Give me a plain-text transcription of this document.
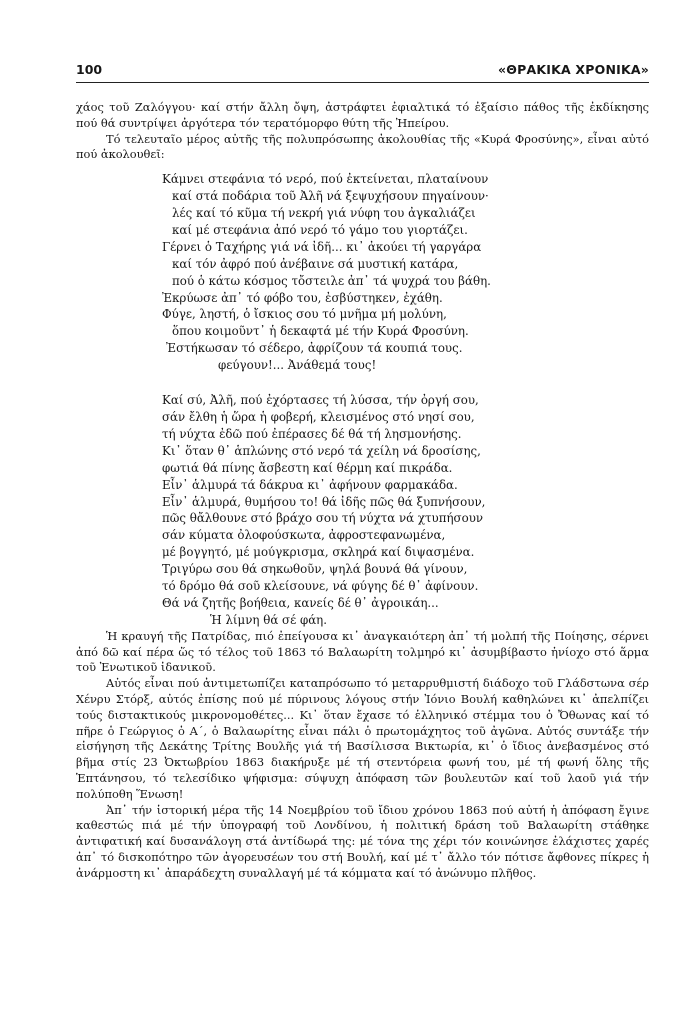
100	«ΘΡΑΚΙΚΑ ΧΡΟΝΙΚΑ»

χάος τοῦ Ζαλόγγου· καί στήν ἄλλη ὄψη, ἀστράφτει ἐφιαλτικά τό ἐξαίσιο πάθος τῆς ἐκδίκησης πού θά συντρίψει ἀργότερα τόν τερατόμορφο θύτη τῆς Ἠπείρου.

Τό τελευταῖο μέρος αὐτῆς τῆς πολυπρόσωπης ἀκολουθίας τῆς «Κυρά Φροσύνης», εἶναι αὐτό πού ἀκολουθεῖ:

Κάμνει στεφάνια τό νερό, πού ἐκτείνεται, πλαταίνουν
καί στά ποδάρια τοῦ Ἀλῆ νά ξεψυχήσουν πηγαίνουν·
λές καί τό κῦμα τή νεκρή γιά νύφη του ἀγκαλιάζει
καί μέ στεφάνια ἀπό νερό τό γάμο του γιορτάζει.
Γέρνει ὁ Ταχήρης γιά νά ἰδῆ... κι᾽ ἀκούει τή γαργάρα
καί τόν ἀφρό πού ἀνέβαινε σά μυστική κατάρα,
πού ὁ κάτω κόσμος τὄστειλε ἀπ᾽ τά ψυχρά του βάθη.
Ἐκρύωσε ἀπ᾽ τό φόβο του, ἐσβύστηκεν, ἐχάθη.
Φύγε, ληστή, ὁ ἴσκιος σου τό μνῆμα μή μολύνη,
ὅπου κοιμοῦντ᾽ ἡ δεκαφτά μέ τήν Κυρά Φροσύνη.
Ἐστήκωσαν τό σέδερο, ἀφρίζουν τά κουπιά τους.
φεύγουν!... Ἀνάθεμά τους!
Καί σύ, Ἀλῆ, πού ἐχόρτασες τή λύσσα, τήν ὀργή σου,
σάν ἔλθη ἡ ὥρα ἡ φοβερή, κλεισμένος στό νησί σου,
τή νύχτα ἐδῶ πού ἐπέρασες δέ θά τή λησμονήσης.
Κι᾽ ὅταν θ᾽ ἁπλώνης στό νερό τά χείλη νά δροσίσης,
φωτιά θά πίνης ἄσβεστη καί θέρμη καί πικράδα.
Εἶν᾽ ἁλμυρά τά δάκρυα κι᾽ ἀφήνουν φαρμακάδα.
Εἶν᾽ ἁλμυρά, θυμήσου το! θά ἰδῆς πῶς θά ξυπνήσουν,
πῶς θἄλθουνε στό βράχο σου τή νύχτα νά χτυπήσουν
σάν κύματα ὀλοφούσκωτα, ἀφροστεφανωμένα,
μέ βογγητό, μέ μούγκρισμα, σκληρά καί διψασμένα.
Τριγύρω σου θά σηκωθοῦν, ψηλά βουνά θά γίνουν,
τό δρόμο θά σοῦ κλείσουνε, νά φύγης δέ θ᾽ ἀφίνουν.
Θά νά ζητῆς βοήθεια, κανείς δέ θ᾽ ἀγροικάη...
Ἡ λίμνη θά σέ φάη.

Ἡ κραυγή τῆς Πατρίδας, πιό ἐπείγουσα κι᾽ ἀναγκαιότερη ἀπ᾽ τή μολπή τῆς Ποίησης, σέρνει ἀπό δῶ καί πέρα ὥς τό τέλος τοῦ 1863 τό Βαλαωρίτη τολμηρό κι᾽ ἀσυμβίβαστο ἡνίοχο στό ἅρμα τοῦ Ἐνωτικοῦ ἰδανικοῦ.

Αὐτός εἶναι πού ἀντιμετωπίζει καταπρόσωπο τό μεταρρυθμιστή διάδοχο τοῦ Γλάδστωνα σέρ Χένρυ Στόρξ, αὐτός ἐπίσης πού μέ πύρινους λόγους στήν Ἰόνιο Βουλή καθηλώνει κι᾽ ἀπελπίζει τούς διστακτικούς μικρονομοθέτες... Κι᾽ ὅταν ἔχασε τό ἑλληνικό στέμμα του ὁ Ὄθωνας καί τό πῆρε ὁ Γεώργιος ὁ Α΄, ὁ Βαλαωρίτης εἶναι πάλι ὁ πρωτομάχητος τοῦ ἀγῶνα. Αὐτός συντάξε τήν εἰσήγηση τῆς Δεκάτης Τρίτης Βουλῆς γιά τή Βασίλισσα Βικτωρία, κι᾽ ὁ ἴδιος ἀνεβασμένος στό βῆμα στίς 23 Ὀκτωβρίου 1863 διακήρυξε μέ τή στεντόρεια φωνή του, μέ τή φωνή ὅλης τῆς Ἑπτάνησου, τό τελεσίδικο ψήφισμα: σύψυχη ἀπόφαση τῶν βουλευτῶν καί τοῦ λαοῦ γιά τήν πολύποθη Ἕνωση!

Ἀπ᾽ τήν ἱστορική μέρα τῆς 14 Νοεμβρίου τοῦ ἴδιου χρόνου 1863 πού αὐτή ἡ ἀπόφαση ἔγινε καθεστώς πιά μέ τήν ὑπογραφή τοῦ Λονδίνου, ἡ πολιτική δράση τοῦ Βαλαωρίτη στάθηκε ἀντιφατική καί δυσανάλογη στά ἀντίδωρά της: μέ τόνα της χέρι τόν κοινώνησε ἐλάχιστες χαρές ἀπ᾽ τό δισκοπότηρο τῶν ἀγορευσέων του στή Βουλή, καί μέ τ᾽ ἄλλο τόν πότισε ἄφθονες πίκρες ἡ ἀνάρμοστη κι᾽ ἀπαράδεχτη συναλλαγή μέ τά κόμματα καί τό ἀνώνυμο πλῆθος.
